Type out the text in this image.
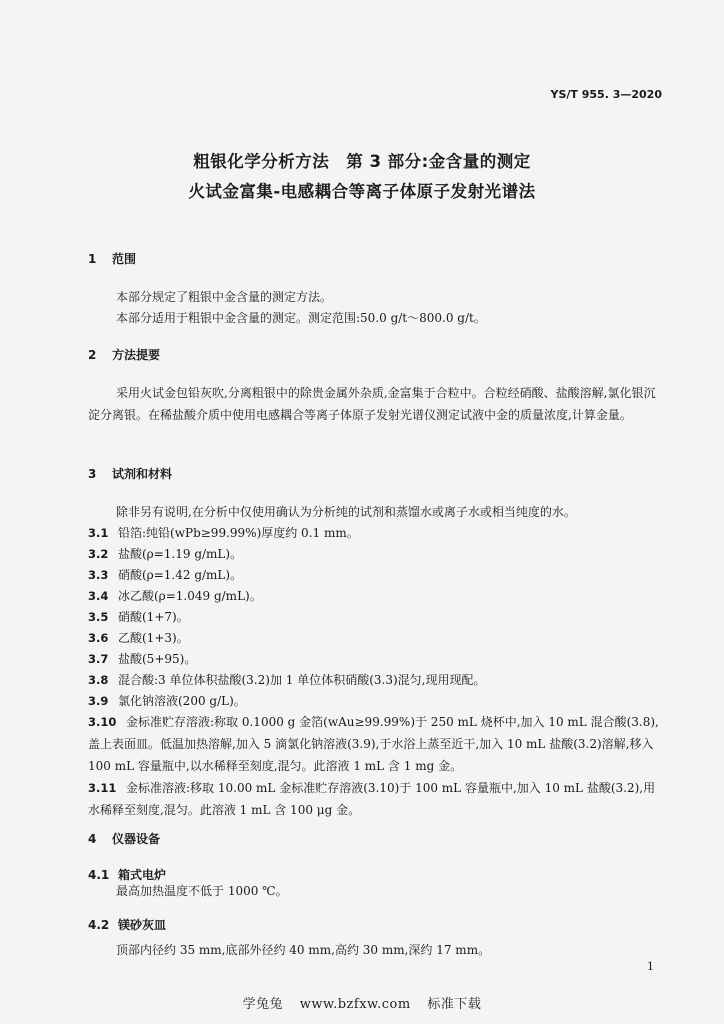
YS/T 955. 3—2020
粗银化学分析方法　第 3 部分:金含量的测定
火试金富集-电感耦合等离子体原子发射光谱法
1 范围
本部分规定了粗银中金含量的测定方法。
本部分适用于粗银中金含量的测定。测定范围:50.0 g/t～800.0 g/t。
2 方法提要
采用火试金包铅灰吹,分离粗银中的除贵金属外杂质,金富集于合粒中。合粒经硝酸、盐酸溶解,氯化银沉淀分离银。在稀盐酸介质中使用电感耦合等离子体原子发射光谱仪测定试液中金的质量浓度,计算金量。
3 试剂和材料
除非另有说明,在分析中仅使用确认为分析纯的试剂和蒸馏水或离子水或相当纯度的水。
3.1 铅箔:纯铅(wPb≥99.99%)厚度约 0.1 mm。
3.2 盐酸(ρ=1.19 g/mL)。
3.3 硝酸(ρ=1.42 g/mL)。
3.4 冰乙酸(ρ=1.049 g/mL)。
3.5 硝酸(1+7)。
3.6 乙酸(1+3)。
3.7 盐酸(5+95)。
3.8 混合酸:3 单位体积盐酸(3.2)加 1 单位体积硝酸(3.3)混匀,现用现配。
3.9 氯化钠溶液(200 g/L)。
3.10 金标准贮存溶液:称取 0.1000 g 金箔(wAu≥99.99%)于 250 mL 烧杯中,加入 10 mL 混合酸(3.8),盖上表面皿。低温加热溶解,加入 5 滴氯化钠溶液(3.9),于水浴上蒸至近干,加入 10 mL 盐酸(3.2)溶解,移入 100 mL 容量瓶中,以水稀释至刻度,混匀。此溶液 1 mL 含 1 mg 金。
3.11 金标准溶液:移取 10.00 mL 金标准贮存溶液(3.10)于 100 mL 容量瓶中,加入 10 mL 盐酸(3.2),用水稀释至刻度,混匀。此溶液 1 mL 含 100 μg 金。
4 仪器设备
4.1 箱式电炉
最高加热温度不低于 1000 ℃。
4.2 镁砂灰皿
顶部内径约 35 mm,底部外径约 40 mm,高约 30 mm,深约 17 mm。
1
学兔兔 www.bzfxw.com 标准下载
